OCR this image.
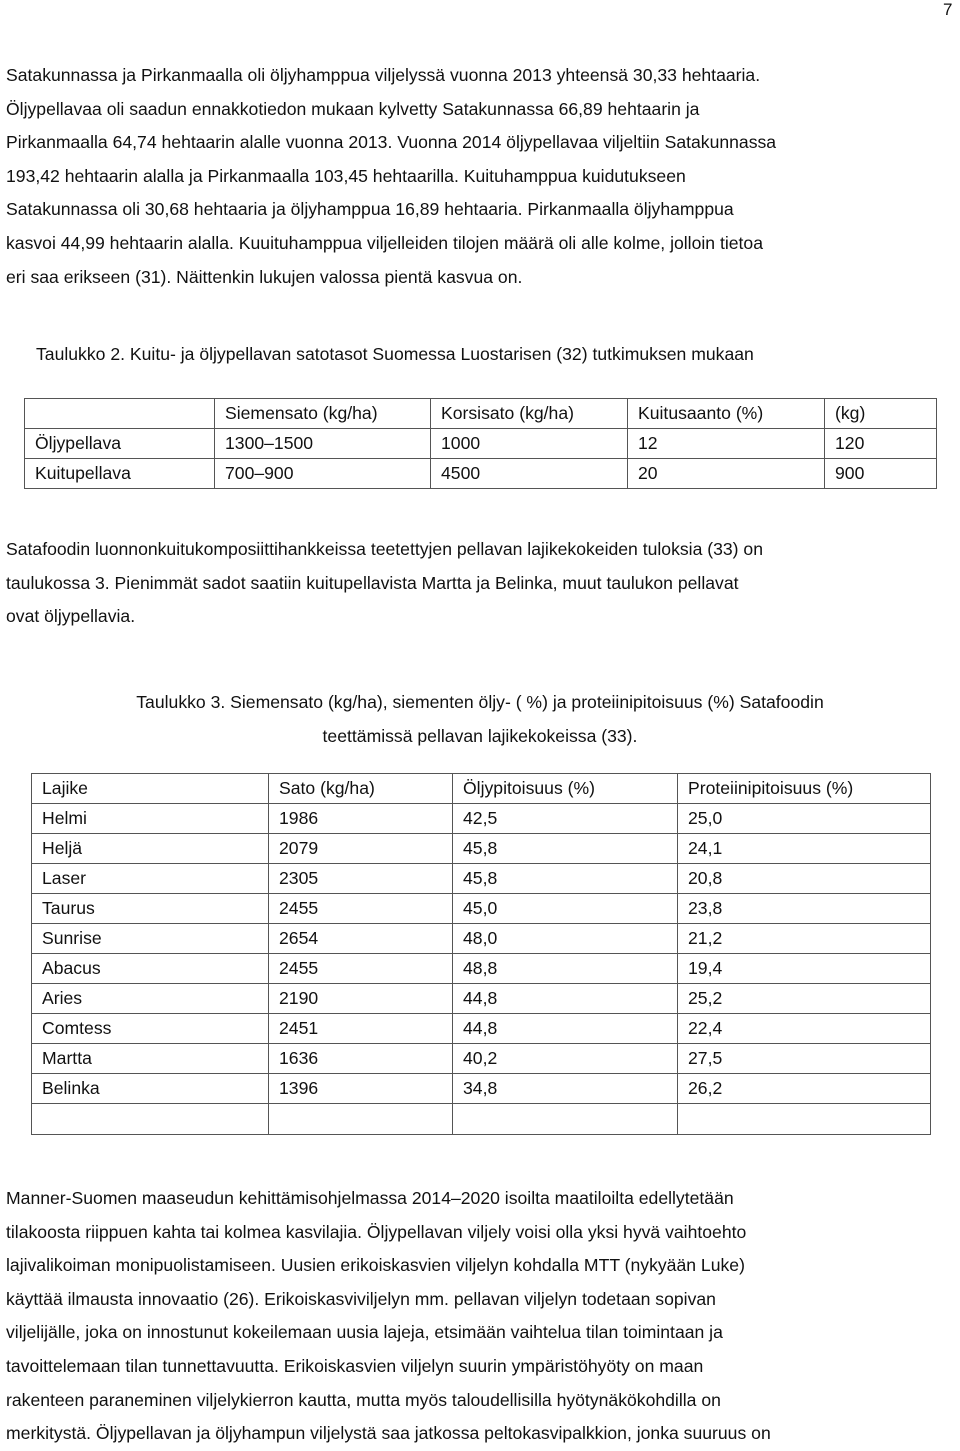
7
Satakunnassa ja Pirkanmaalla oli öljyhamppua viljelyssä vuonna 2013 yhteensä 30,33 hehtaaria.
Öljypellavaa oli saadun ennakkotiedon mukaan kylvetty Satakunnassa 66,89 hehtaarin ja
Pirkanmaalla 64,74 hehtaarin alalle vuonna 2013. Vuonna 2014 öljypellavaa viljeltiin Satakunnassa
193,42 hehtaarin alalla ja Pirkanmaalla 103,45 hehtaarilla. Kuituhamppua kuidutukseen
Satakunnassa oli 30,68 hehtaaria ja öljyhamppua 16,89 hehtaaria. Pirkanmaalla öljyhamppua
kasvoi 44,99 hehtaarin alalla. Kuuituhamppua viljelleiden tilojen määrä oli alle kolme, jolloin tietoa
eri saa erikseen (31). Näittenkin lukujen valossa pientä kasvua on.

Taulukko 2. Kuitu- ja öljypellavan satotasot Suomessa Luostarisen (32) tutkimuksen mukaan

	Siemensato (kg/ha)	Korsisato (kg/ha)	Kuitusaanto (%)	(kg)
Öljypellava	1300–1500	1000	12	120
Kuitupellava	700–900	4500	20	900
Satafoodin luonnonkuitukomposiittihankkeissa teetettyjen pellavan lajikekokeiden tuloksia (33) on
taulukossa 3. Pienimmät sadot saatiin kuitupellavista Martta ja Belinka, muut taulukon pellavat
ovat öljypellavia.
Taulukko 3. Siemensato (kg/ha), siementen öljy- ( %) ja proteiinipitoisuus (%) Satafoodin
teettämissä pellavan lajikekokeissa (33).
Lajike	Sato (kg/ha)	Öljypitoisuus (%)	Proteiinipitoisuus (%)
Helmi	1986	42,5	25,0
Heljä	2079	45,8	24,1
Laser	2305	45,8	20,8
Taurus	2455	45,0	23,8
Sunrise	2654	48,0	21,2
Abacus	2455	48,8	19,4
Aries	2190	44,8	25,2
Comtess	2451	44,8	22,4
Martta	1636	40,2	27,5
Belinka	1396	34,8	26,2

Manner-Suomen maaseudun kehittämisohjelmassa 2014–2020 isoilta maatiloilta edellytetään
tilakoosta riippuen kahta tai kolmea kasvilajia. Öljypellavan viljely voisi olla yksi hyvä vaihtoehto
lajivalikoiman monipuolistamiseen. Uusien erikoiskasvien viljelyn kohdalla MTT (nykyään Luke)
käyttää ilmausta innovaatio (26). Erikoiskasviviljelyn mm. pellavan viljelyn todetaan sopivan
viljelijälle, joka on innostunut kokeilemaan uusia lajeja, etsimään vaihtelua tilan toimintaan ja
tavoittelemaan tilan tunnettavuutta. Erikoiskasvien viljelyn suurin ympäristöhyöty on maan
rakenteen paraneminen viljelykierron kautta, mutta myös taloudellisilla hyötynäkökohdilla on
merkitystä. Öljypellavan ja öljyhampun viljelystä saa jatkossa peltokasvipalkkion, jonka suuruus on
